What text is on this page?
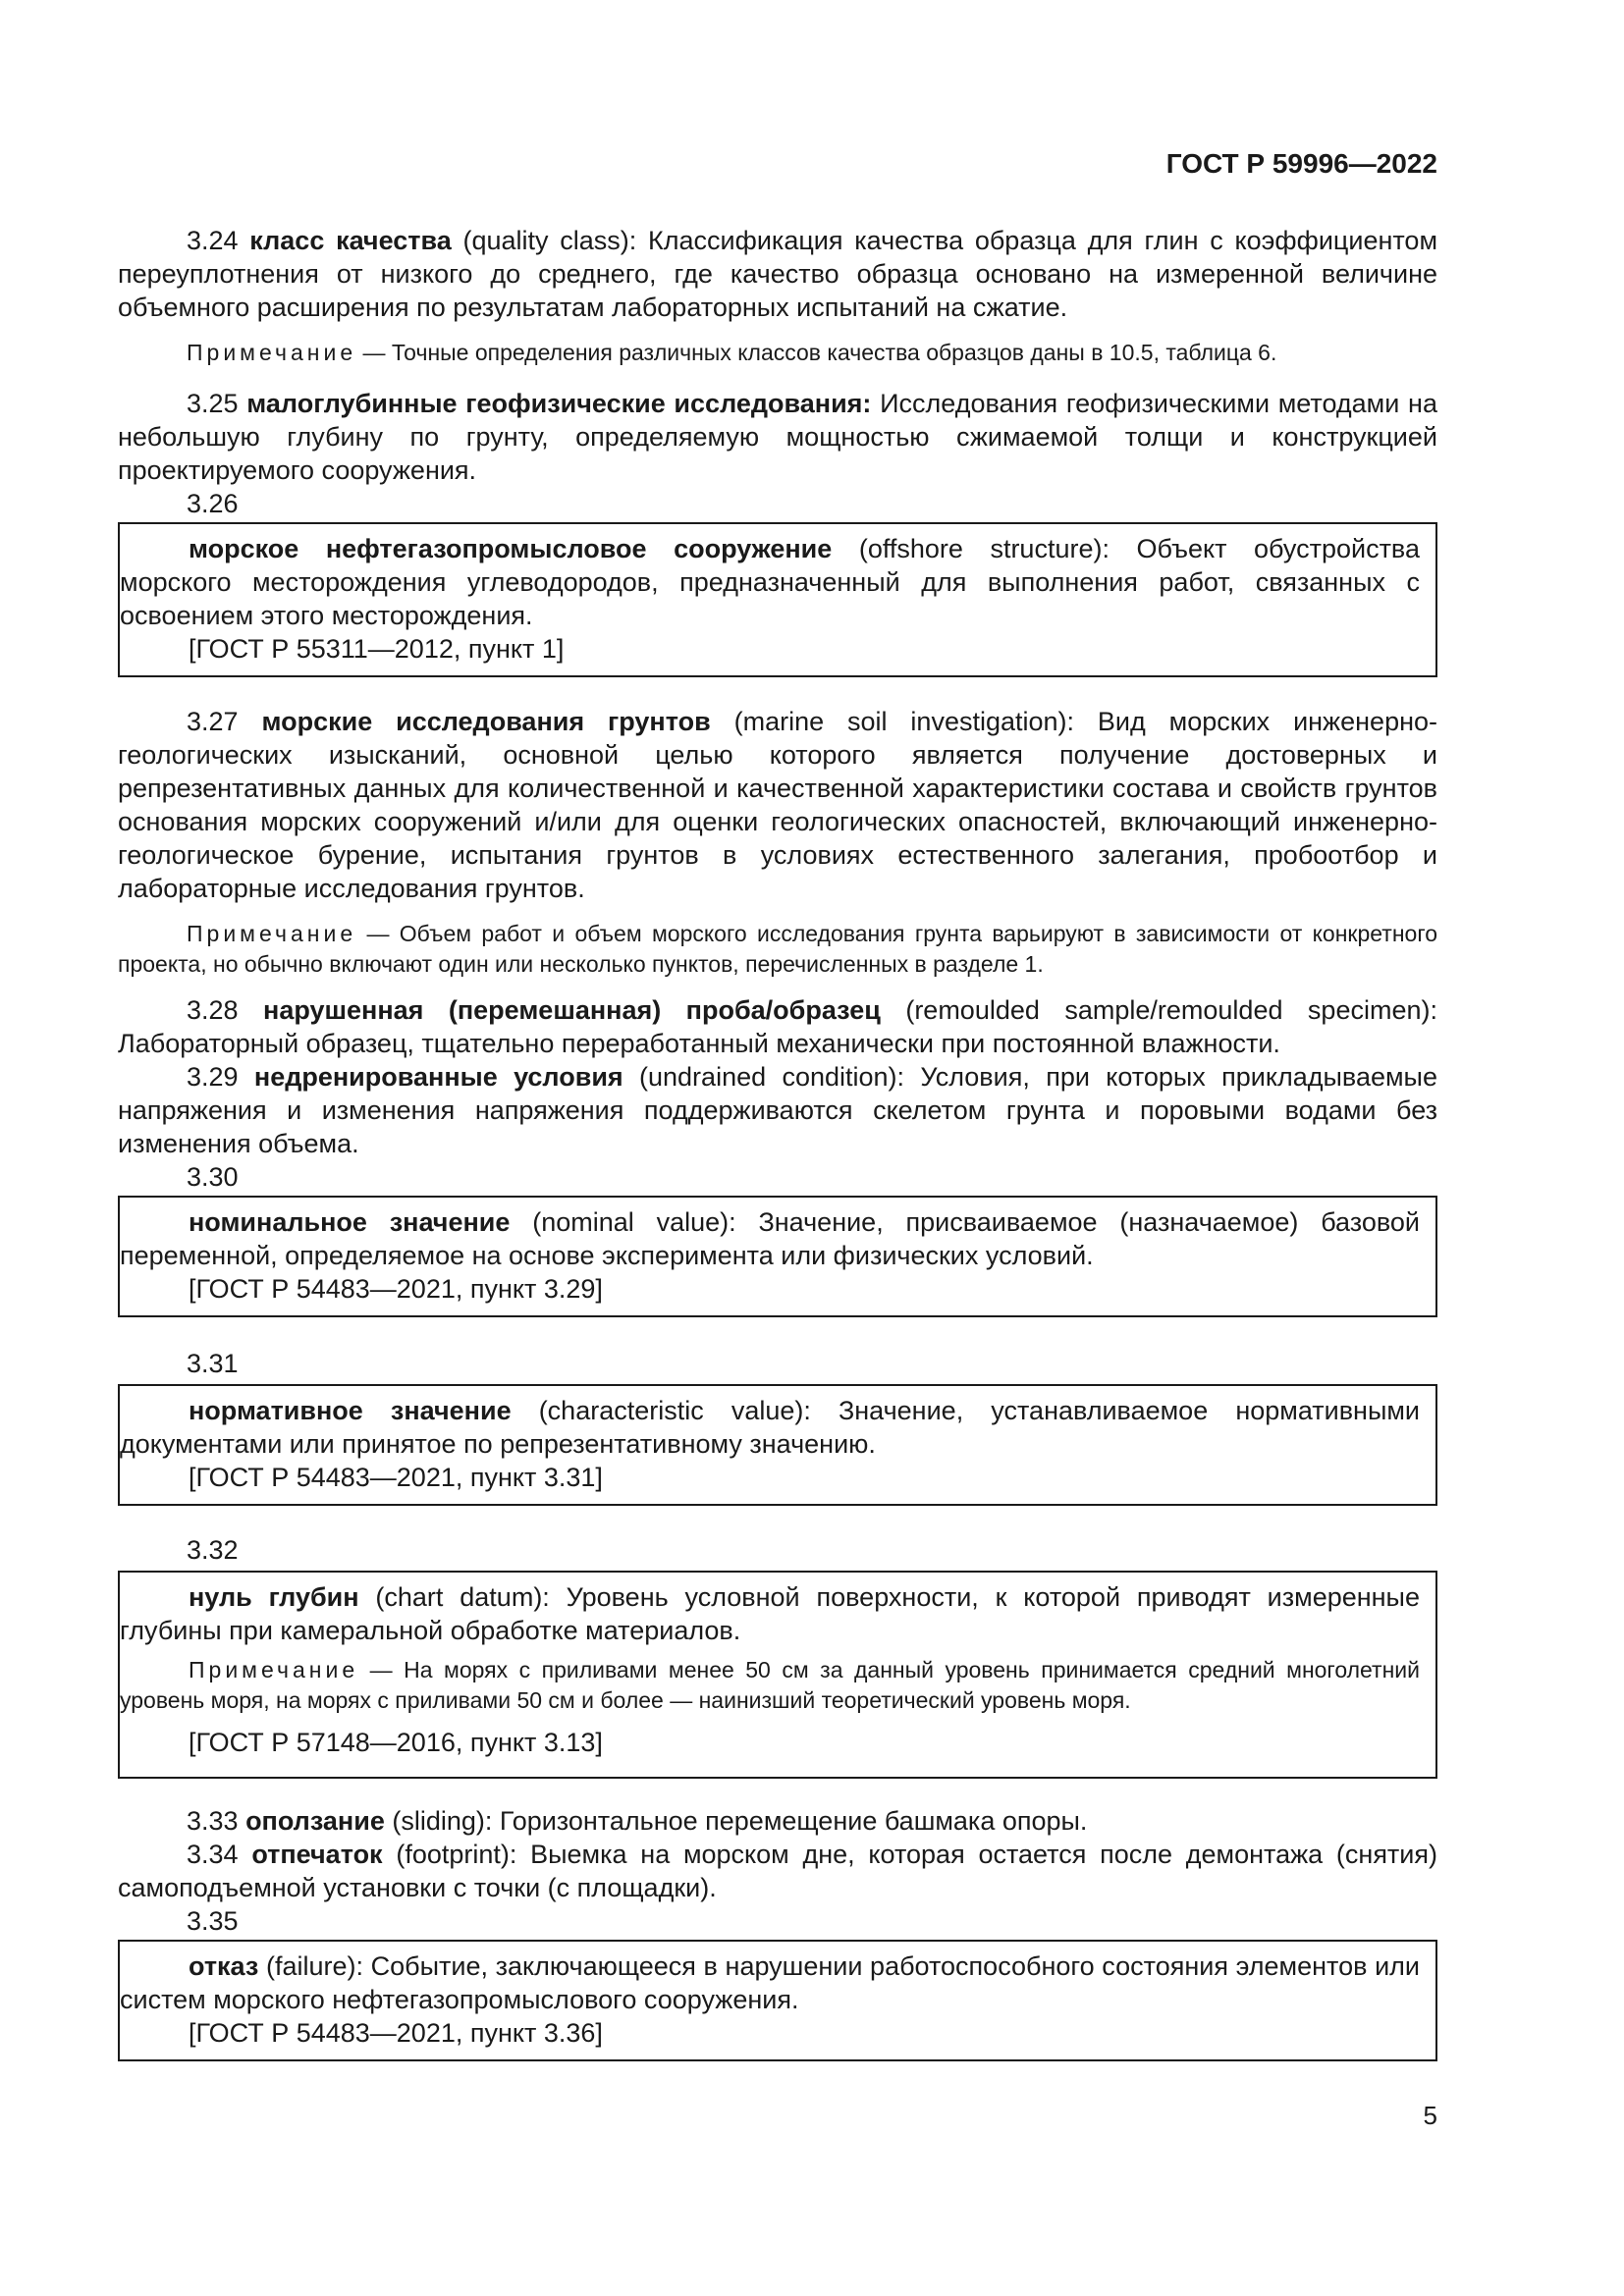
ГОСТ Р 59996—2022

3.24 класс качества (quality class): Классификация качества образца для глин с коэффициентом переуплотнения от низкого до среднего, где качество образца основано на измеренной величине объемного расширения по результатам лабораторных испытаний на сжатие.

Примечание — Точные определения различных классов качества образцов даны в 10.5, таблица 6.

3.25 малоглубинные геофизические исследования: Исследования геофизическими методами на небольшую глубину по грунту, определяемую мощностью сжимаемой толщи и конструкцией проектируемого сооружения.

3.26

морское нефтегазопромысловое сооружение (offshore structure): Объект обустройства морского месторождения углеводородов, предназначенный для выполнения работ, связанных с освоением этого месторождения.

[ГОСТ Р 55311—2012, пункт 1]

3.27 морские исследования грунтов (marine soil investigation): Вид морских инженерно-геологических изысканий, основной целью которого является получение достоверных и репрезентативных данных для количественной и качественной характеристики состава и свойств грунтов основания морских сооружений и/или для оценки геологических опасностей, включающий инженерно-геологическое бурение, испытания грунтов в условиях естественного залегания, пробоотбор и лабораторные исследования грунтов.

Примечание — Объем работ и объем морского исследования грунта варьируют в зависимости от конкретного проекта, но обычно включают один или несколько пунктов, перечисленных в разделе 1.

3.28 нарушенная (перемешанная) проба/образец (remoulded sample/remoulded specimen): Лабораторный образец, тщательно переработанный механически при постоянной влажности.

3.29 недренированные условия (undrained condition): Условия, при которых прикладываемые напряжения и изменения напряжения поддерживаются скелетом грунта и поровыми водами без изменения объема.

3.30

номинальное значение (nominal value): Значение, присваиваемое (назначаемое) базовой переменной, определяемое на основе эксперимента или физических условий.

[ГОСТ Р 54483—2021, пункт 3.29]
3.31

нормативное значение (characteristic value): Значение, устанавливаемое нормативными документами или принятое по репрезентативному значению.

[ГОСТ Р 54483—2021, пункт 3.31]
3.32

нуль глубин (chart datum): Уровень условной поверхности, к которой приводят измеренные глубины при камеральной обработке материалов.

Примечание — На морях с приливами менее 50 см за данный уровень принимается средний многолетний уровень моря, на морях с приливами 50 см и более — наинизший теоретический уровень моря.

[ГОСТ Р 57148—2016, пункт 3.13]

3.33 оползание (sliding): Горизонтальное перемещение башмака опоры.

3.34 отпечаток (footprint): Выемка на морском дне, которая остается после демонтажа (снятия) самоподъемной установки с точки (с площадки).

3.35

отказ (failure): Событие, заключающееся в нарушении работоспособного состояния элементов или систем морского нефтегазопромыслового сооружения.

[ГОСТ Р 54483—2021, пункт 3.36]
5
